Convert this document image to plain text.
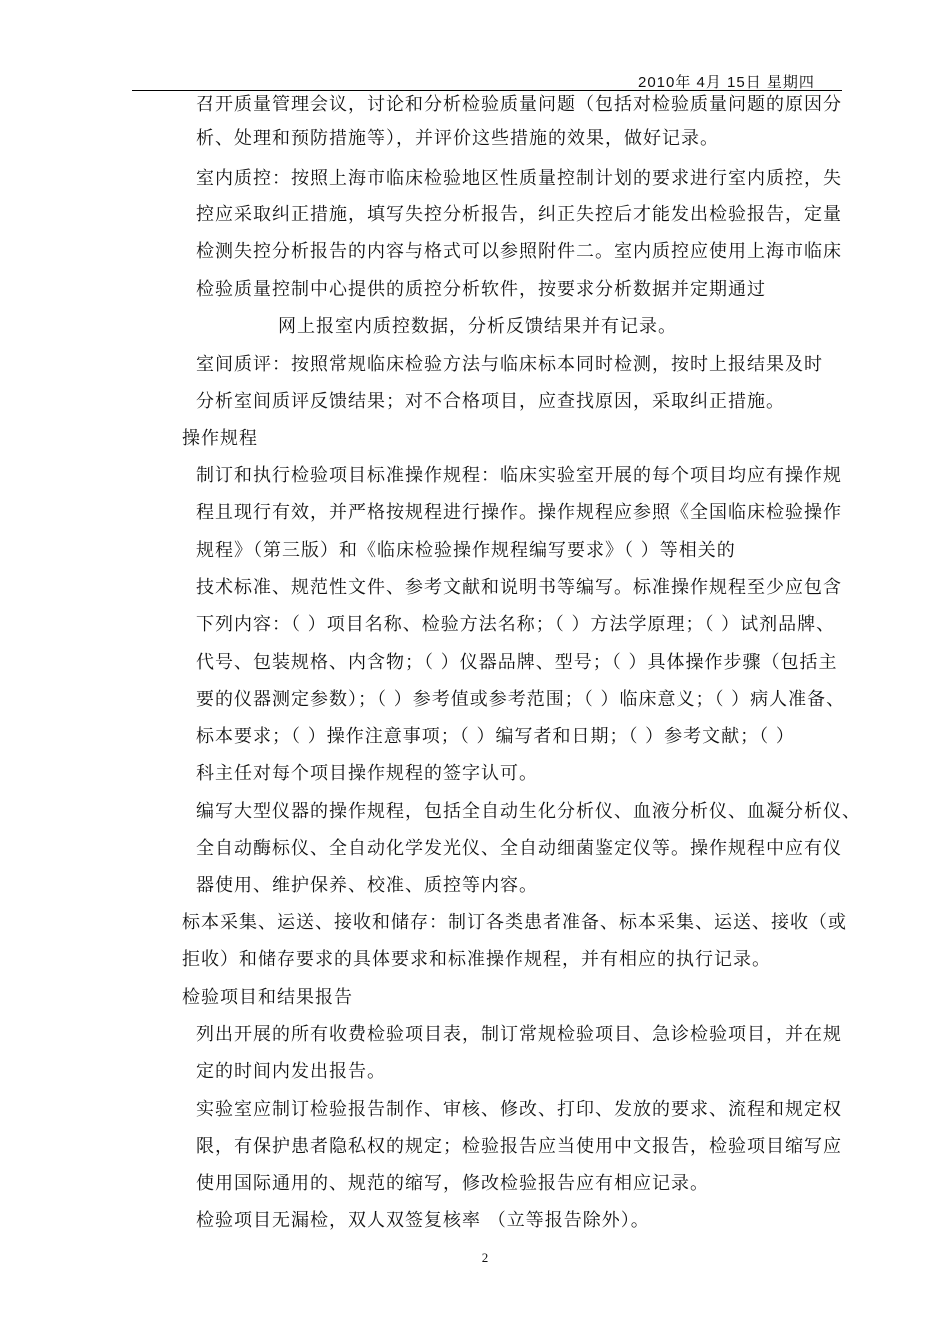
2010年 4月 15日 星期四
召开质量管理会议，讨论和分析检验质量问题（包括对检验质量问题的原因分
析、处理和预防措施等），并评价这些措施的效果，做好记录。
室内质控：按照上海市临床检验地区性质量控制计划的要求进行室内质控，失
控应采取纠正措施，填写失控分析报告，纠正失控后才能发出检验报告，定量
检测失控分析报告的内容与格式可以参照附件二。室内质控应使用上海市临床
检验质量控制中心提供的质控分析软件，按要求分析数据并定期通过
网上报室内质控数据，分析反馈结果并有记录。
室间质评：按照常规临床检验方法与临床标本同时检测，按时上报结果及时
分析室间质评反馈结果；对不合格项目，应查找原因，采取纠正措施。
操作规程
制订和执行检验项目标准操作规程：临床实验室开展的每个项目均应有操作规
程且现行有效，并严格按规程进行操作。操作规程应参照《全国临床检验操作
规程》（第三版）和《临床检验操作规程编写要求》（ ）等相关的
技术标准、规范性文件、参考文献和说明书等编写。标准操作规程至少应包含
下列内容：（ ）项目名称、检验方法名称；（ ）方法学原理；（ ）试剂品牌、
代号、包装规格、内含物；（ ）仪器品牌、型号；（ ）具体操作步骤（包括主
要的仪器测定参数）；（ ）参考值或参考范围；（ ）临床意义；（ ）病人准备、
标本要求；（ ）操作注意事项；（ ）编写者和日期；（ ）参考文献；（ ）
科主任对每个项目操作规程的签字认可。
编写大型仪器的操作规程，包括全自动生化分析仪、血液分析仪、血凝分析仪、
全自动酶标仪、全自动化学发光仪、全自动细菌鉴定仪等。操作规程中应有仪
器使用、维护保养、校准、质控等内容。
标本采集、运送、接收和储存：制订各类患者准备、标本采集、运送、接收（或
拒收）和储存要求的具体要求和标准操作规程，并有相应的执行记录。
检验项目和结果报告
列出开展的所有收费检验项目表，制订常规检验项目、急诊检验项目，并在规
定的时间内发出报告。
实验室应制订检验报告制作、审核、修改、打印、发放的要求、流程和规定权
限，有保护患者隐私权的规定；检验报告应当使用中文报告，检验项目缩写应
使用国际通用的、规范的缩写，修改检验报告应有相应记录。
检验项目无漏检，双人双签复核率 （立等报告除外）。
2
